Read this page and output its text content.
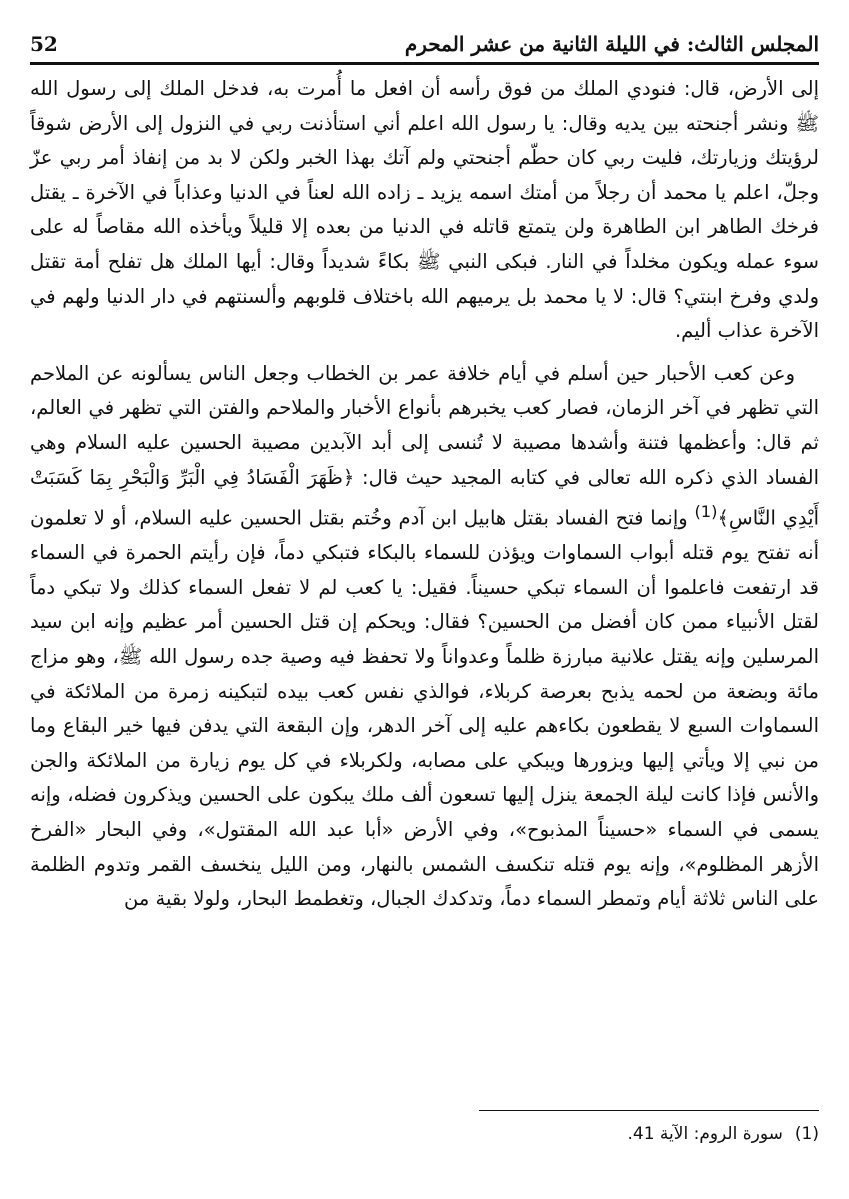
المجلس الثالث: في الليلة الثانية من عشر المحرم
52

إلى الأرض، قال: فنودي الملك من فوق رأسه أن افعل ما أُمرت به، فدخل الملك إلى رسول الله ﷺ ونشر أجنحته بين يديه وقال: يا رسول الله اعلم أني استأذنت ربي في النزول إلى الأرض شوقاً لرؤيتك وزيارتك، فليت ربي كان حطّم أجنحتي ولم آتك بهذا الخبر ولكن لا بد من إنفاذ أمر ربي عزّ وجلّ، اعلم يا محمد أن رجلاً من أمتك اسمه يزيد ـ زاده الله لعناً في الدنيا وعذاباً في الآخرة ـ يقتل فرخك الطاهر ابن الطاهرة ولن يتمتع قاتله في الدنيا من بعده إلا قليلاً ويأخذه الله مقاصاً له على سوء عمله ويكون مخلداً في النار. فبكى النبي ﷺ بكاءً شديداً وقال: أيها الملك هل تفلح أمة تقتل ولدي وفرخ ابنتي؟ قال: لا يا محمد بل يرميهم الله باختلاف قلوبهم وألسنتهم في دار الدنيا ولهم في الآخرة عذاب أليم.

وعن كعب الأحبار حين أسلم في أيام خلافة عمر بن الخطاب وجعل الناس يسألونه عن الملاحم التي تظهر في آخر الزمان، فصار كعب يخبرهم بأنواع الأخبار والملاحم والفتن التي تظهر في العالم، ثم قال: وأعظمها فتنة وأشدها مصيبة لا تُنسى إلى أبد الآبدين مصيبة الحسين عليه السلام وهي الفساد الذي ذكره الله تعالى في كتابه المجيد حيث قال: ﴿ظَهَرَ الْفَسَادُ فِي الْبَرِّ وَالْبَحْرِ بِمَا كَسَبَتْ أَيْدِي النَّاسِ﴾$^{(1)}$ وإنما فتح الفساد بقتل هابيل ابن آدم وخُتم بقتل الحسين عليه السلام، أو لا تعلمون أنه تفتح يوم قتله أبواب السماوات ويؤذن للسماء بالبكاء فتبكي دماً، فإن رأيتم الحمرة في السماء قد ارتفعت فاعلموا أن السماء تبكي حسيناً. فقيل: يا كعب لم لا تفعل السماء كذلك ولا تبكي دماً لقتل الأنبياء ممن كان أفضل من الحسين؟ فقال: ويحكم إن قتل الحسين أمر عظيم وإنه ابن سيد المرسلين وإنه يقتل علانية مبارزة ظلماً وعدواناً ولا تحفظ فيه وصية جده رسول الله ﷺ، وهو مزاج مائة وبضعة من لحمه يذبح بعرصة كربلاء، فوالذي نفس كعب بيده لتبكينه زمرة من الملائكة في السماوات السبع لا يقطعون بكاءهم عليه إلى آخر الدهر، وإن البقعة التي يدفن فيها خير البقاع وما من نبي إلا ويأتي إليها ويزورها ويبكي على مصابه، ولكربلاء في كل يوم زيارة من الملائكة والجن والأنس فإذا كانت ليلة الجمعة ينزل إليها تسعون ألف ملك يبكون على الحسين ويذكرون فضله، وإنه يسمى في السماء «حسيناً المذبوح»، وفي الأرض «أبا عبد الله المقتول»، وفي البحار «الفرخ الأزهر المظلوم»، وإنه يوم قتله تنكسف الشمس بالنهار، ومن الليل ينخسف القمر وتدوم الظلمة على الناس ثلاثة أيام وتمطر السماء دماً، وتدكدك الجبال، وتغطمط البحار، ولولا بقية من

(1)سورة الروم: الآية 41.
